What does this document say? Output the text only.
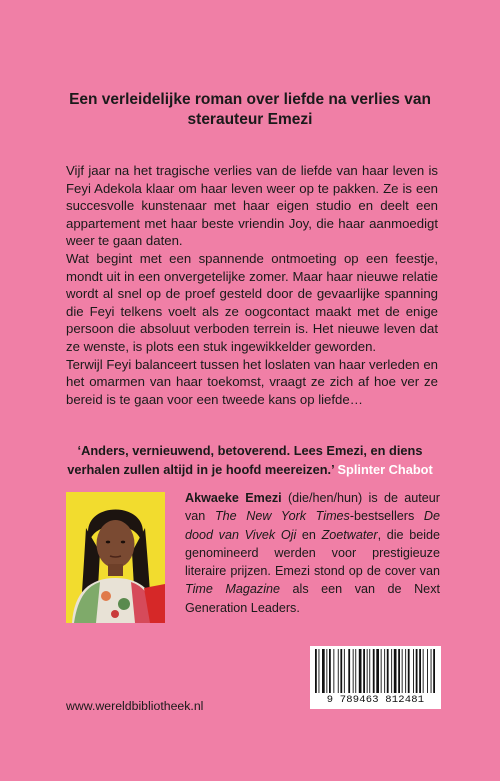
Een verleidelijke roman over liefde na verlies van sterauteur Emezi

Vijf jaar na het tragische verlies van de liefde van haar leven is Feyi Adekola klaar om haar leven weer op te pakken. Ze is een succesvolle kunstenaar met haar eigen studio en deelt een appartement met haar beste vriendin Joy, die haar aanmoedigt weer te gaan daten.

Wat begint met een spannende ontmoeting op een feestje, mondt uit in een onvergetelijke zomer. Maar haar nieuwe relatie wordt al snel op de proef gesteld door de gevaarlijke spanning die Feyi telkens voelt als ze oogcontact maakt met de enige persoon die absoluut verboden terrein is. Het nieuwe leven dat ze wenste, is plots een stuk ingewikkelder geworden.

Terwijl Feyi balanceert tussen het loslaten van haar verleden en het omarmen van haar toekomst, vraagt ze zich af hoe ver ze bereid is te gaan voor een tweede kans op liefde…

‘Anders, vernieuwend, betoverend. Lees Emezi, en diens verhalen zullen altijd in je hoofd meereizen.’ Splinter Chabot

Akwaeke Emezi (die/hen/hun) is de auteur van The New York Times-bestsellers De dood van Vivek Oji en Zoetwater, die beide genomineerd werden voor prestigieuze literaire prijzen. Emezi stond op de cover van Time Magazine als een van de Next Generation Leaders.

www.wereldbibliotheek.nl	9 789463 812481
